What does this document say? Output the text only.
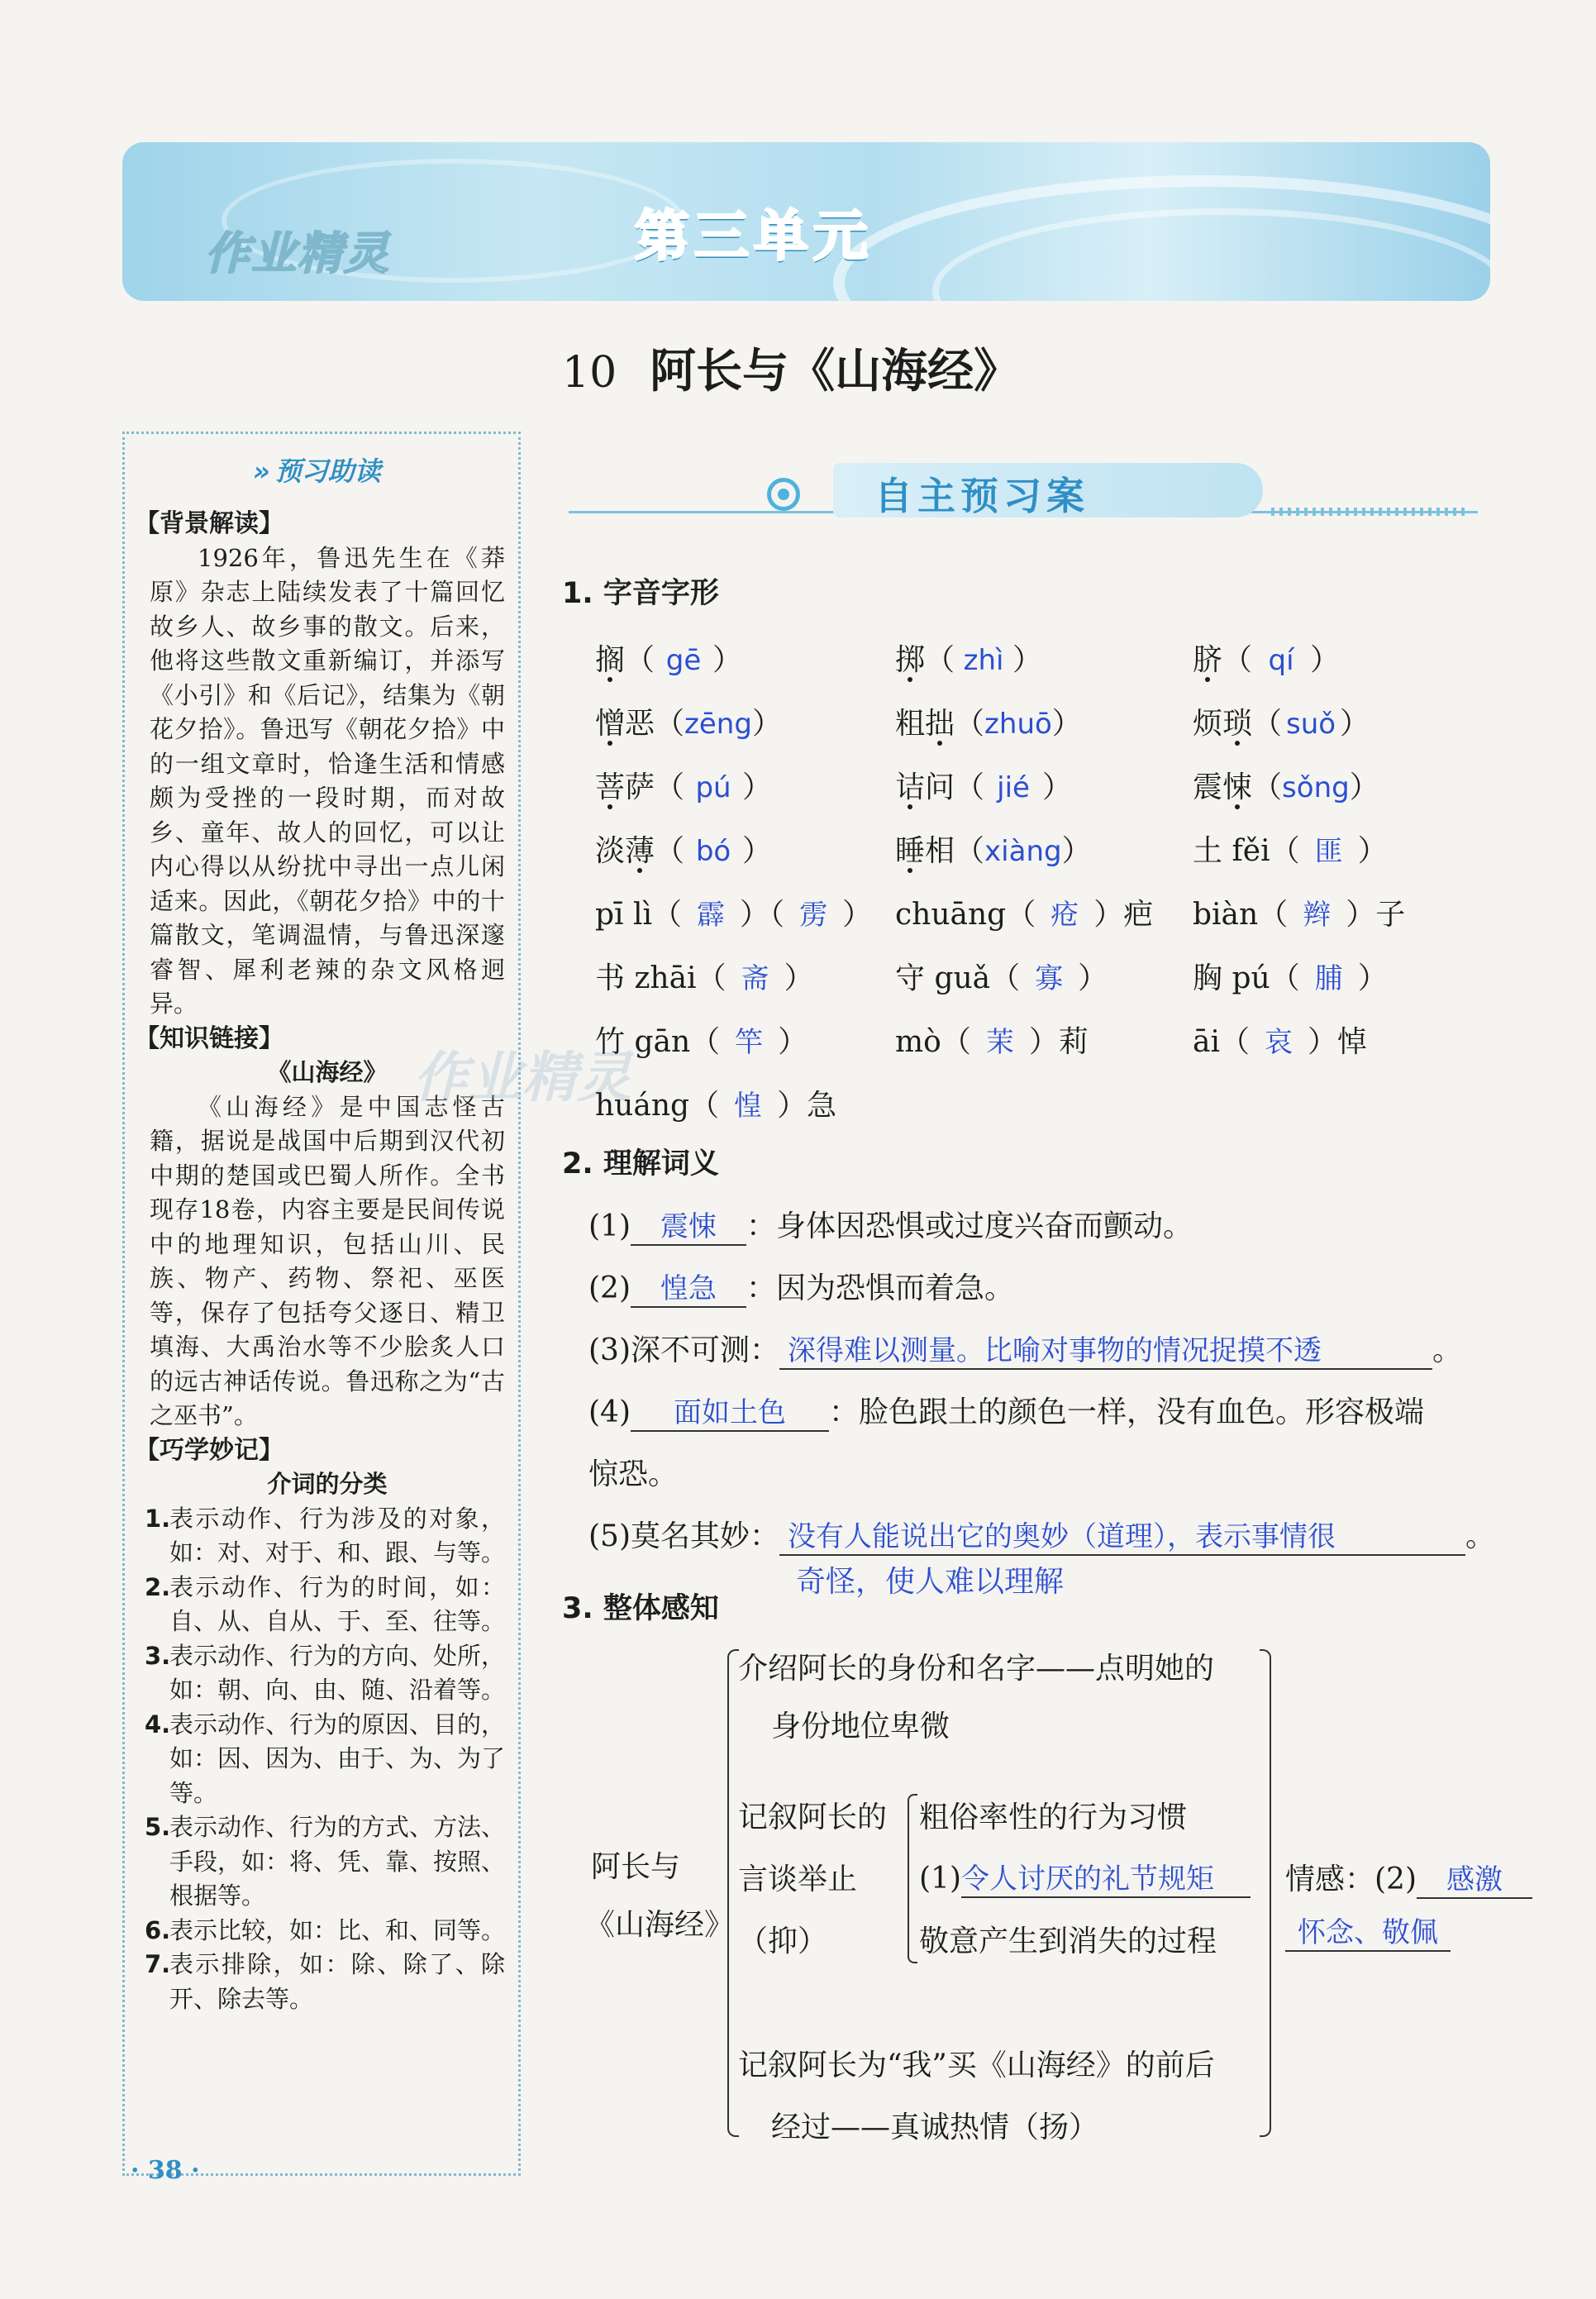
作业精灵	第三单元
10 阿长与《山海经》
» 预习助读
【背景解读】
1926年，鲁迅先生在《莽原》杂志上陆续发表了十篇回忆故乡人、故乡事的散文。后来，他将这些散文重新编订，并添写《小引》和《后记》，结集为《朝花夕拾》。鲁迅写《朝花夕拾》中的一组文章时，恰逢生活和情感颇为受挫的一段时期，而对故乡、童年、故人的回忆，可以让内心得以从纷扰中寻出一点儿闲适来。因此，《朝花夕拾》中的十篇散文，笔调温情，与鲁迅深邃睿智、犀利老辣的杂文风格迥异。
【知识链接】
《山海经》
《山海经》是中国志怪古籍，据说是战国中后期到汉代初中期的楚国或巴蜀人所作。全书现存18卷，内容主要是民间传说中的地理知识，包括山川、民族、物产、药物、祭祀、巫医等，保存了包括夸父逐日、精卫填海、大禹治水等不少脍炙人口的远古神话传说。鲁迅称之为“古之巫书”。
【巧学妙记】
介词的分类
1.
表示动作、行为涉及的对象，如：对、对于、和、跟、与等。
2.
表示动作、行为的时间，如：自、从、自从、于、至、往等。
3.
表示动作、行为的方向、处所，如：朝、向、由、随、沿着等。
4.
表示动作、行为的原因、目的，如：因、因为、由于、为、为了等。
5.
表示动作、行为的方式、方法、手段，如：将、凭、靠、按照、根据等。
6.
表示比较，如：比、和、同等。
7.
表示排除，如：除、除了、除开、除去等。
作业精灵
自主预习案
1. 字音字形
搁（ gē ）	掷（ zhì ）	脐（ qí ）
憎恶（zēng）	粗拙（zhuō）	烦琐（ suǒ ）
菩萨（ pú ）	诘问（ jié ）	震悚（sǒng）
淡薄（ bó ）	睡相（xiàng）	土 fěi（ 匪 ）
pī lì（ 霹 ）（ 雳 ） chuāng（ 疮 ）疤 biàn（ 辫 ）子
书 zhāi（ 斋 ）	守 guǎ（ 寡 ）	胸 pú（ 脯 ）
竹 gān（ 竿 ）	mò（ 茉 ）莉	āi（ 哀 ）悼
huáng（ 惶 ）急
2. 理解词义
(1) 震悚 ：身体因恐惧或过度兴奋而颤动。
(2) 惶急 ：因为恐惧而着急。
(3)深不可测： 深得难以测量。比喻对事物的情况捉摸不透	。
(4) 面如土色 ：脸色跟土的颜色一样，没有血色。形容极端
惊恐。
(5)莫名其妙： 没有人能说出它的奥妙（道理），表示事情很	。
奇怪，使人难以理解
3. 整体感知
阿长与
《山海经》
介绍阿长的身份和名字——点明她的
身份地位卑微
记叙阿长的
言谈举止
（抑）
粗俗率性的行为习惯
(1)令人讨厌的礼节规矩
敬意产生到消失的过程
记叙阿长为“我”买《山海经》的前后
经过——真诚热情（扬）
情感：(2) 感激
怀念、敬佩
· 38 ·
